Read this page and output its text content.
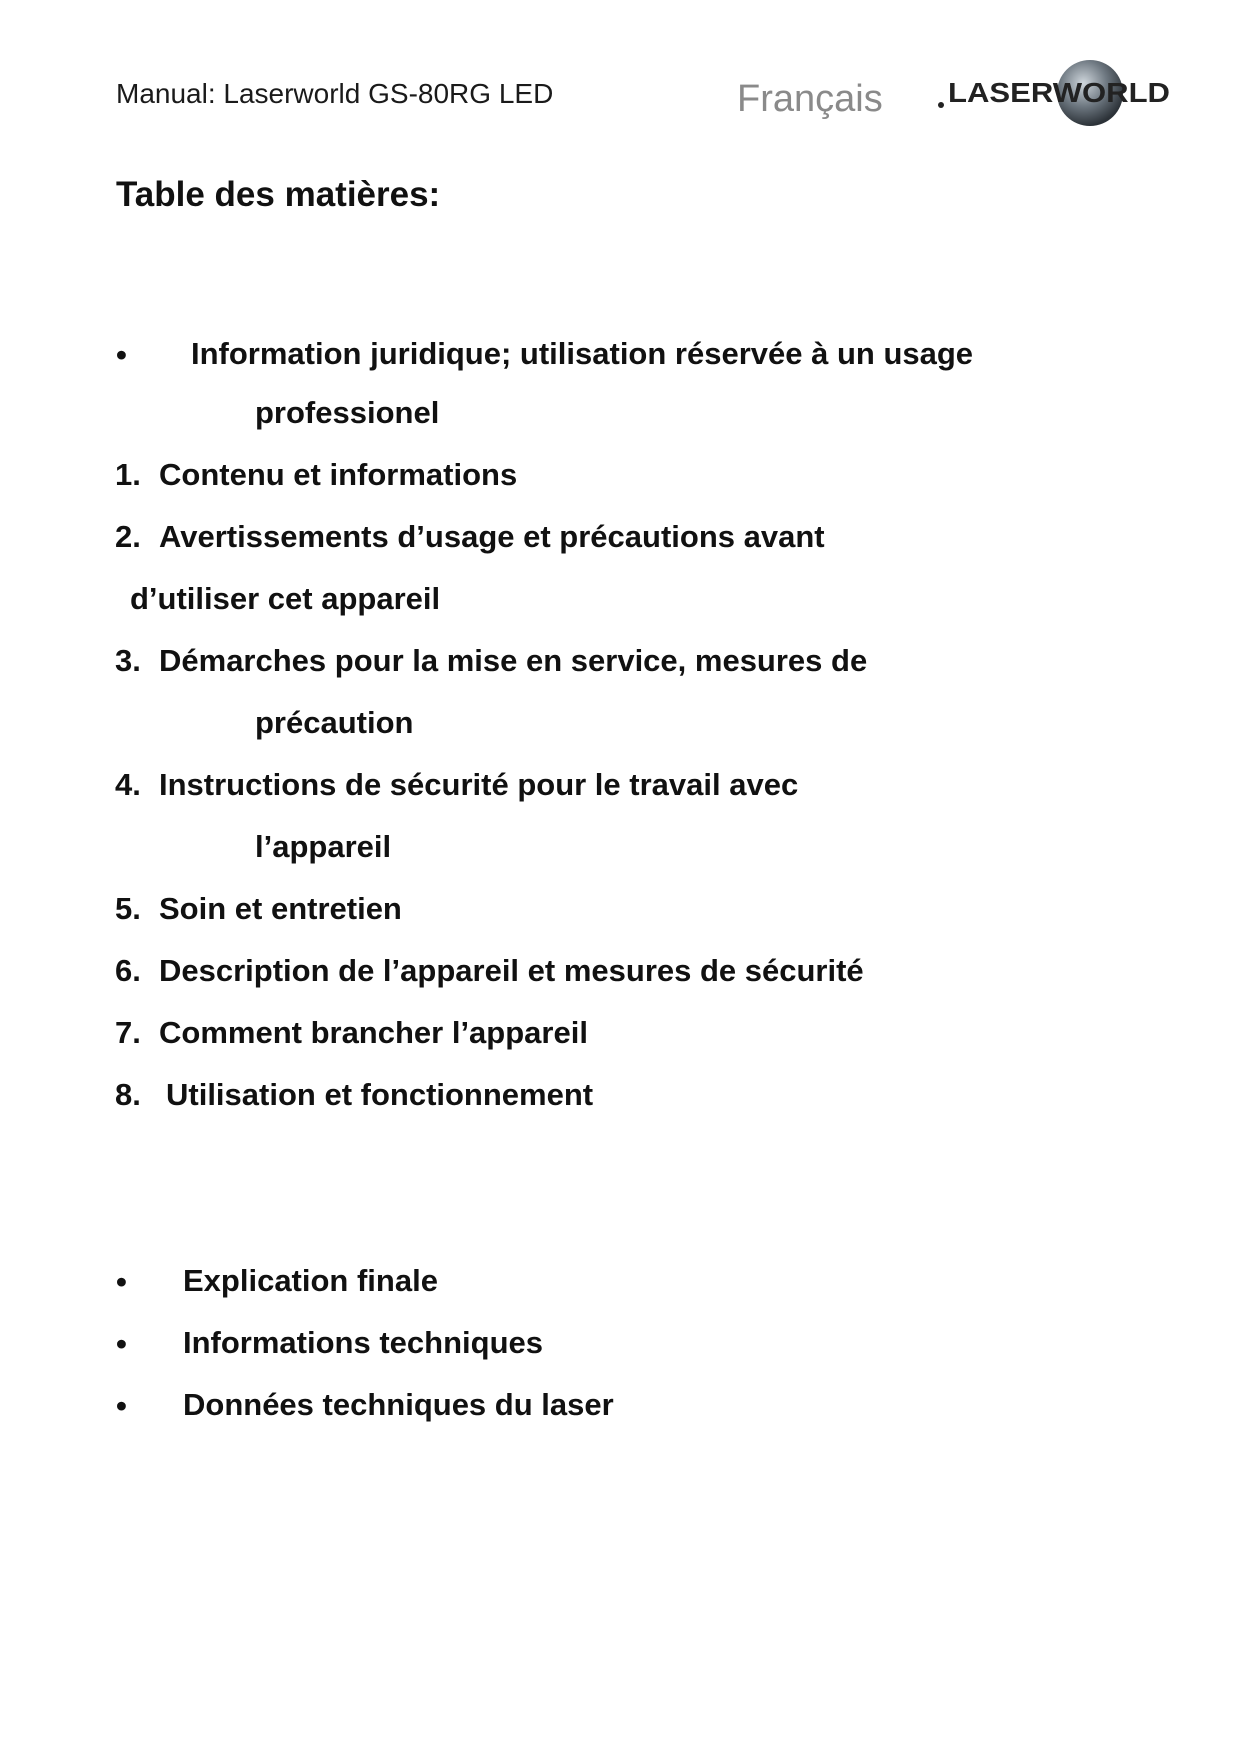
Manual: Laserworld GS-80RG LED	Français LASERWORLD
Table des matières:
• Information juridique; utilisation réservée à un usage
professionel
1. Contenu et informations
2. Avertissements d’usage et précautions avant
d’utiliser cet appareil
3. Démarches pour la mise en service, mesures de
précaution
4. Instructions de sécurité pour le travail avec
l’appareil
5. Soin et entretien
6. Description de l’appareil et mesures de sécurité
7. Comment brancher l’appareil
8. Utilisation et fonctionnement
• Explication finale
• Informations techniques
• Données techniques du laser
